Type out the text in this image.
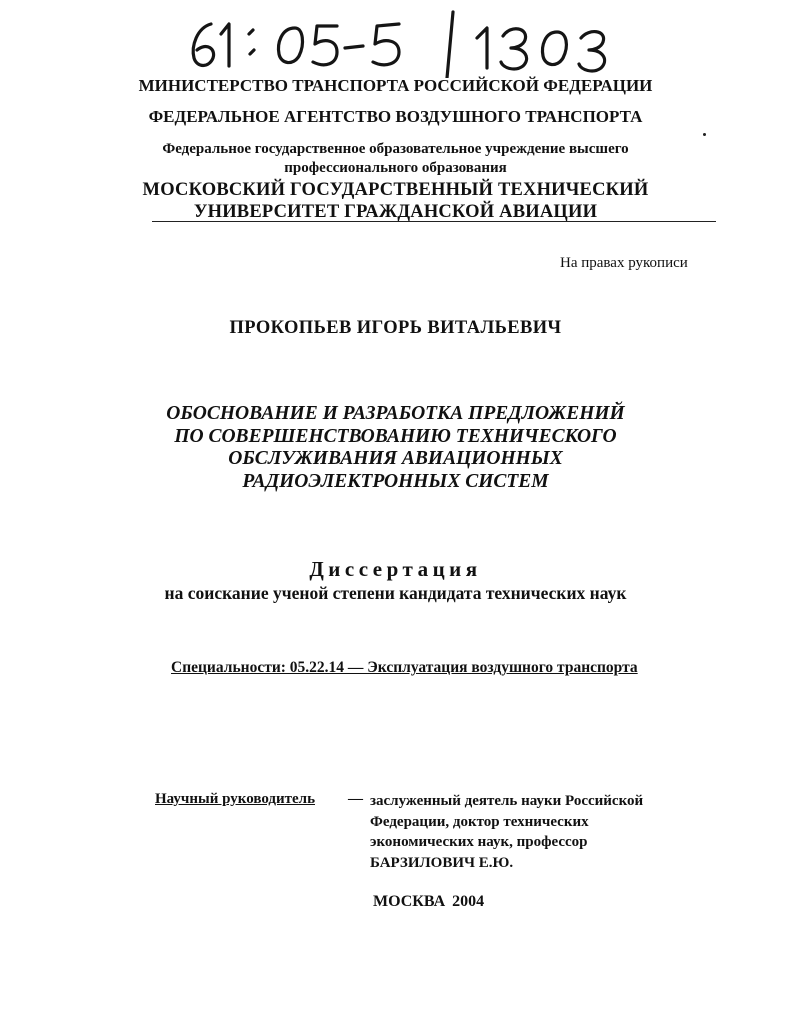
МИНИСТЕРСТВО ТРАНСПОРТА РОССИЙСКОЙ ФЕДЕРАЦИИ
ФЕДЕРАЛЬНОЕ АГЕНТСТВО ВОЗДУШНОГО ТРАНСПОРТА
Федеральное государственное образовательное учреждение высшего
профессионального образования
МОСКОВСКИЙ ГОСУДАРСТВЕННЫЙ ТЕХНИЧЕСКИЙ
УНИВЕРСИТЕТ ГРАЖДАНСКОЙ АВИАЦИИ
На правах рукописи
ПРОКОПЬЕВ ИГОРЬ ВИТАЛЬЕВИЧ
ОБОСНОВАНИЕ И РАЗРАБОТКА ПРЕДЛОЖЕНИЙ
ПО СОВЕРШЕНСТВОВАНИЮ ТЕХНИЧЕСКОГО
ОБСЛУЖИВАНИЯ АВИАЦИОННЫХ
РАДИОЭЛЕКТРОННЫХ СИСТЕМ
Диссертация
на соискание ученой степени кандидата технических наук
Специальности: 05.22.14 — Эксплуатация воздушного транспорта
Научный руководитель — заслуженный деятель науки Российской
Федерации, доктор технических
экономических наук, профессор
БАРЗИЛОВИЧ Е.Ю.
МОСКВА 2004
